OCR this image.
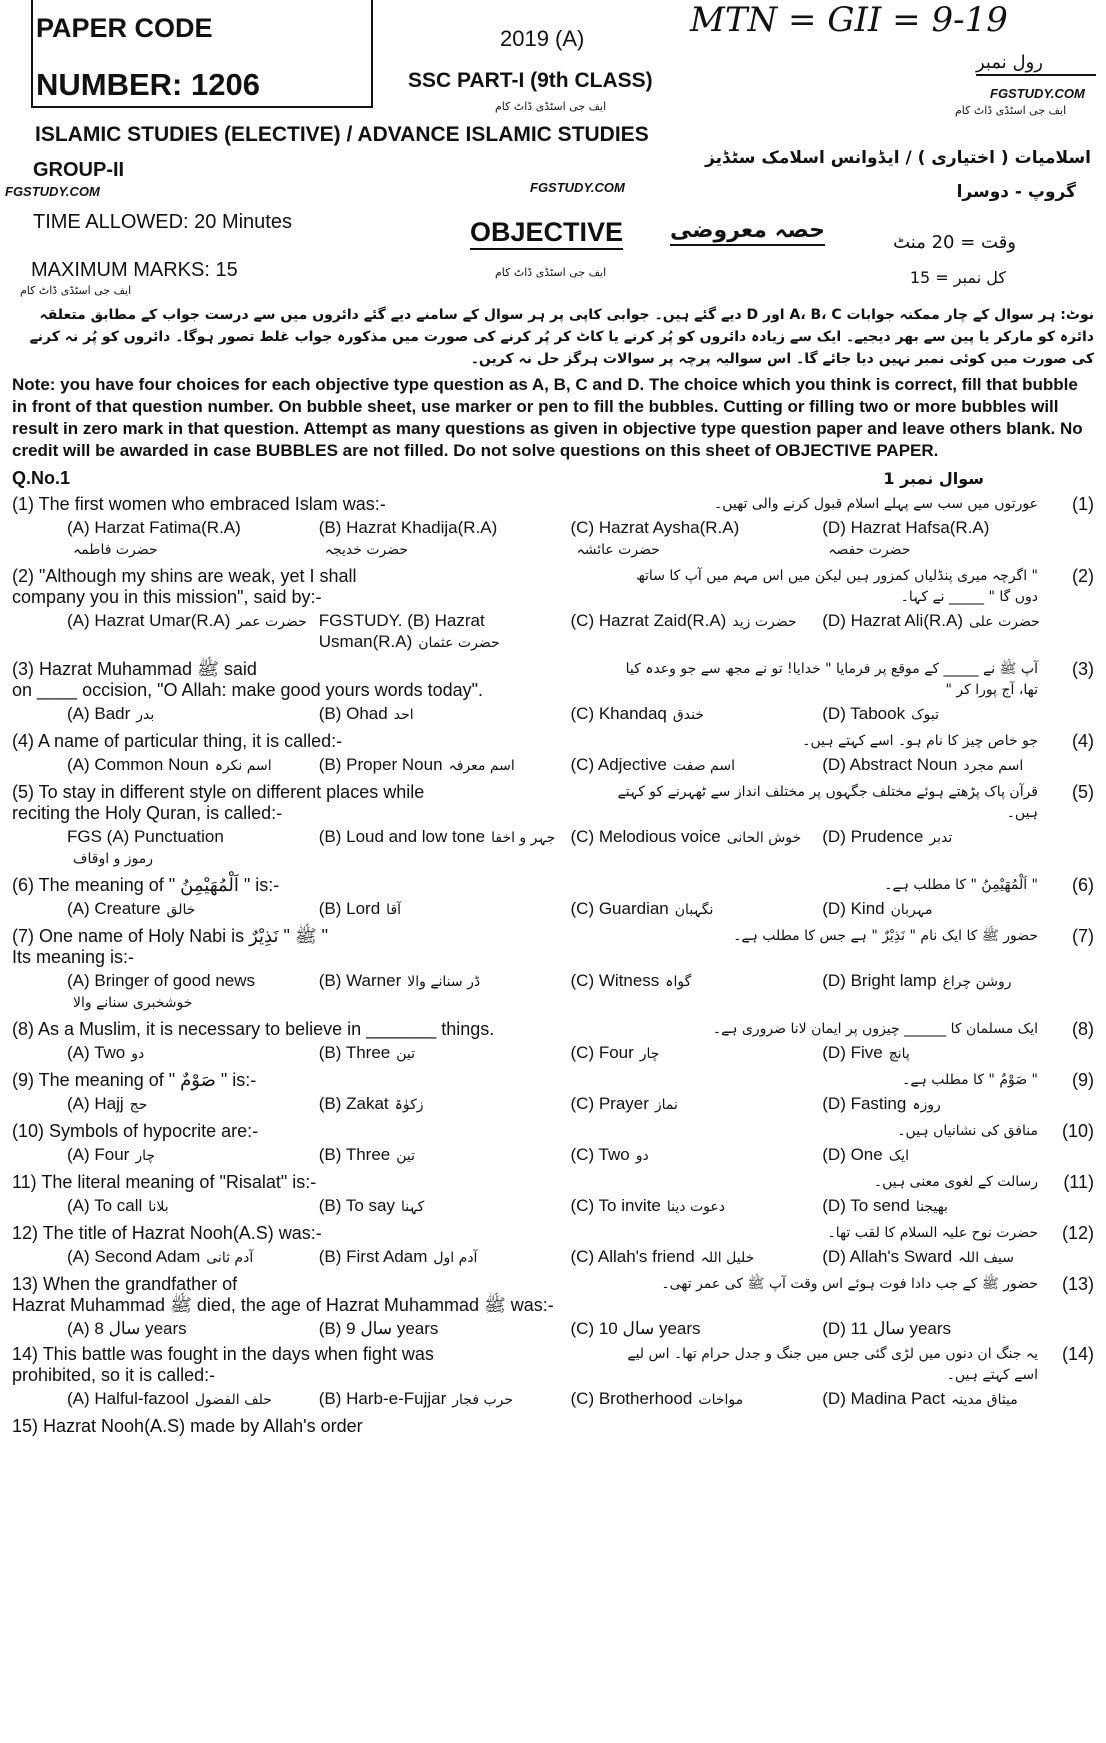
PAPER CODE
NUMBER: 1206
2019 (A)	MTN = GII = 9-19
رول نمبر
SSC PART-I (9th CLASS)
FGSTUDY.COM
ایف جی اسٹڈی ڈاٹ کام	ایف جی اسٹڈی ڈاٹ کام
ISLAMIC STUDIES (ELECTIVE) / ADVANCE ISLAMIC STUDIES
اسلامیات ( اختیاری ) / ایڈوانس اسلامک سٹڈیز
GROUP-II
FGSTUDY.COM	FGSTUDY.COM	گروپ - دوسرا
TIME ALLOWED: 20 Minutes	OBJECTIVE حصہ معروضی	وقت = 20 منٹ
MAXIMUM MARKS: 15	ایف جی اسٹڈی ڈاٹ کام
ایف جی اسٹڈی ڈاٹ کام
کل نمبر = 15
نوٹ: ہر سوال کے چار ممکنہ جوابات A، B، C اور D دیے گئے ہیں۔ جوابی کاپی پر ہر سوال کے سامنے دیے گئے دائروں میں سے درست جواب کے مطابق متعلقہ دائرہ کو مارکر یا پین سے بھر دیجیے۔ ایک سے زیادہ دائروں کو پُر کرنے یا کاٹ کر پُر کرنے کی صورت میں مذکورہ جواب غلط تصور ہوگا۔ دائروں کو پُر نہ کرنے کی صورت میں کوئی نمبر نہیں دیا جائے گا۔ اس سوالیہ پرچہ پر سوالات ہرگز حل نہ کریں۔
Note: you have four choices for each objective type question as A, B, C and D. The choice which you think is correct, fill that bubble in front of that question number. On bubble sheet, use marker or pen to fill the bubbles. Cutting or filling two or more bubbles will result in zero mark in that question. Attempt as many questions as given in objective type question paper and leave others blank. No credit will be awarded in case BUBBLES are not filled. Do not solve questions on this sheet of OBJECTIVE PAPER.
Q.No.1	سوال نمبر 1
(1) The first women who embraced Islam was:-	عورتوں میں سب سے پہلے اسلام قبول کرنے والی تھیں۔	(1)
(A) Harzat Fatima(R.A)حضرت فاطمہ
(B) Hazrat Khadija(R.A)حضرت خدیجہ
(C) Hazrat Aysha(R.A)حضرت عائشہ
(D) Hazrat Hafsa(R.A)حضرت حفصہ
(2) "Although my shins are weak, yet I shall
company you in this mission", said by:-
" اگرچہ میری پنڈلیاں کمزور ہیں لیکن میں اس مہم میں آپ کا ساتھ دوں گا " _____ نے کہا۔
(2)
(A) Hazrat Umar(R.A) حضرت عمر FGSTUDY. (B) Hazrat Usman(R.A) حضرت عثمان
(C) Hazrat Zaid(R.A) حضرت زید	(D) Hazrat Ali(R.A) حضرت علی
(3) Hazrat Muhammad ﷺ said
on ____ occision, "O Allah: make good yours words today".
آپ ﷺ نے _____ کے موقع پر فرمایا " خدایا! تو نے مجھ سے جو وعدہ کیا تھا، آج پورا کر "
(3)
(A) Badr بدر	(B) Ohad احد	(C) Khandaq خندق	(D) Tabook تبوک
(4) A name of particular thing, it is called:-	جو خاص چیز کا نام ہو۔ اسے کہتے ہیں۔	(4)
(A) Common Noun اسم نکرہ	(B) Proper Noun اسم معرفہ	(C) Adjective اسم صفت	(D) Abstract Noun اسم مجرد
(5) To stay in different style on different places while
reciting the Holy Quran, is called:-
قرآن پاک پڑھتے ہوئے مختلف جگہوں پر مختلف انداز سے ٹھہرنے کو کہتے ہیں۔
(5)
FGS (A) Punctuationرموز و اوقاف
(B) Loud and low tone جہر و اخفا (C) Melodious voice خوش الحانی	(D) Prudence تدبر
(6) The meaning of " اَلْمُهَيْمِنُ " is:-	" اَلْمُهَيْمِنُ " کا مطلب ہے۔	(6)
(A) Creature خالق	(B) Lord آقا	(C) Guardian نگہبان	(D) Kind مہربان
(7) One name of Holy Nabi is ﷺ " نَذِيْرٌ "
Its meaning is:-
حضور ﷺ کا ایک نام " نَذِيْرٌ " ہے جس کا مطلب ہے۔	(7)
(A) Bringer of good newsخوشخبری سنانے والا
(B) Warner ڈر سنانے والا	(C) Witness گواہ	(D) Bright lamp روشن چراغ
(8) As a Muslim, it is necessary to believe in _______ things.	ایک مسلمان کا ______ چیزوں پر ایمان لانا ضروری ہے۔	(8)
(A) Two دو	(B) Three تین	(C) Four چار	(D) Five پانچ
(9) The meaning of " صَوْمٌ " is:-	" صَوْمٌ " کا مطلب ہے۔	(9)
(A) Hajj حج	(B) Zakat زکوٰۃ	(C) Prayer نماز	(D) Fasting روزہ
(10) Symbols of hypocrite are:-	منافق کی نشانیاں ہیں۔	(10)
(A) Four چار	(B) Three تین	(C) Two دو	(D) One ایک
11) The literal meaning of "Risalat" is:-	رسالت کے لغوی معنی ہیں۔	(11)
(A) To call بلانا	(B) To say کہنا	(C) To invite دعوت دینا	(D) To send بھیجنا
12) The title of Hazrat Nooh(A.S) was:-	حضرت نوح علیہ السلام کا لقب تھا۔	(12)
(A) Second Adam آدم ثانی	(B) First Adam آدم اول	(C) Allah's friend خلیل اللہ	(D) Allah's Sward سیف اللہ
13) When the grandfather of
Hazrat Muhammad ﷺ died, the age of Hazrat Muhammad ﷺ was:-
حضور ﷺ کے جب دادا فوت ہوئے اس وقت آپ ﷺ کی عمر تھی۔	(13)
(A) سال 8 years	(B) سال 9 years	(C) سال 10 years	(D) سال 11 years
14) This battle was fought in the days when fight was
prohibited, so it is called:-
یہ جنگ ان دنوں میں لڑی گئی جس میں جنگ و جدل حرام تھا۔ اس لیے اسے کہتے ہیں۔
(14)
(A) Halful-fazool حلف الفضول	(B) Harb-e-Fujjar حرب فجار	(C) Brotherhood مواخات	(D) Madina Pact میثاق مدینہ
15) Hazrat Nooh(A.S) made by Allah's order
